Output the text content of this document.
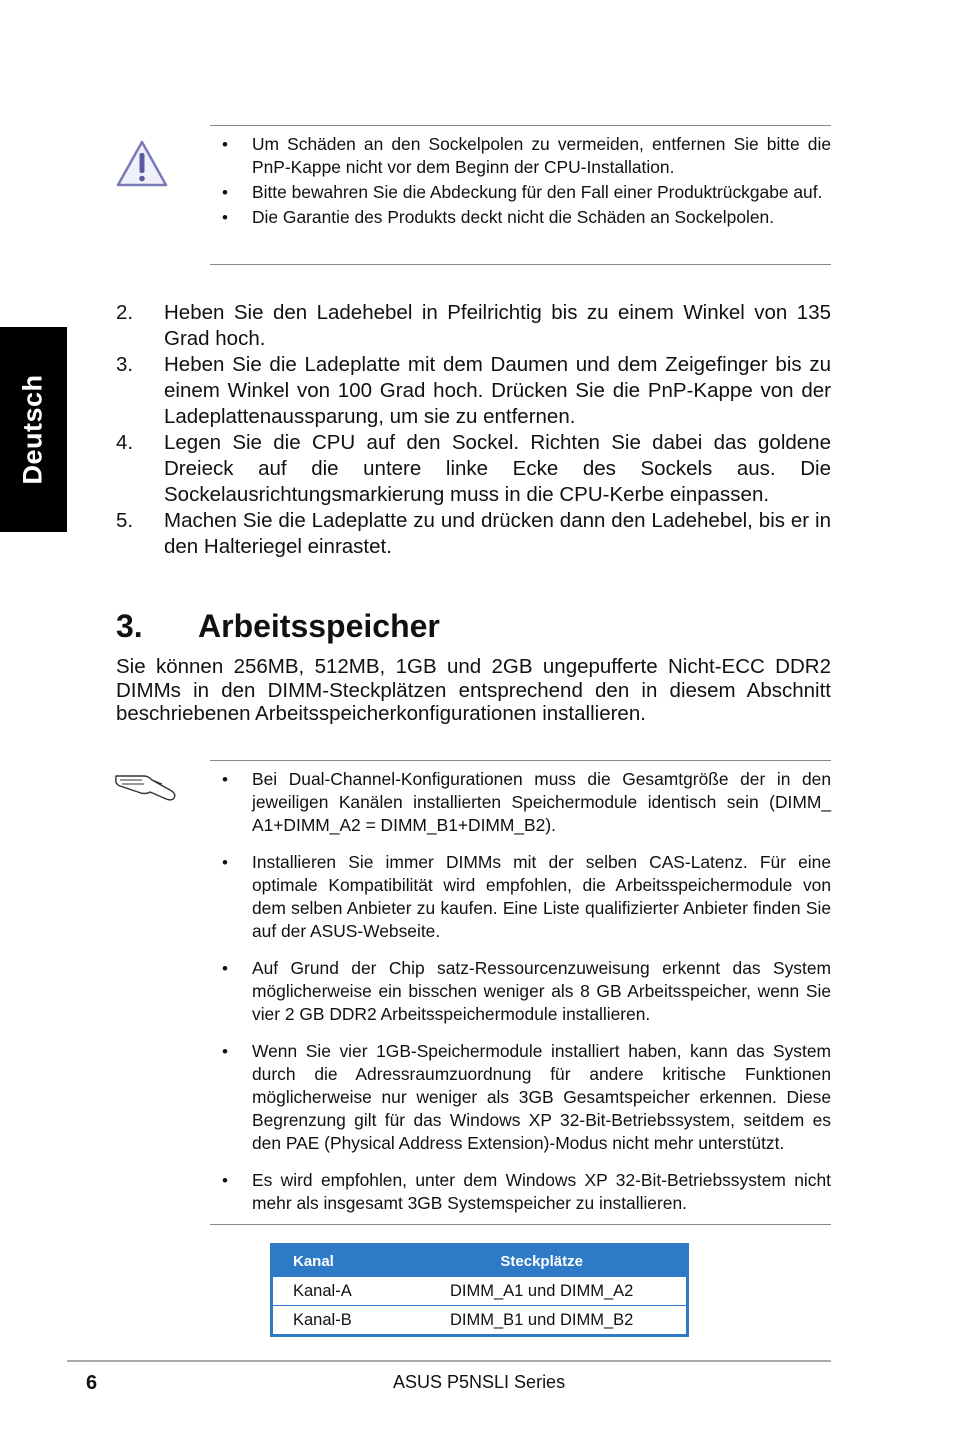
Deutsch
• Um Schäden an den Sockelpolen zu vermeiden, entfernen Sie bitte die PnP-Kappe nicht vor dem Beginn der CPU-Installation.
• Bitte bewahren Sie die Abdeckung für den Fall einer Produktrückgabe auf.
• Die Garantie des Produkts deckt nicht die Schäden an Sockelpolen.
2. Heben Sie den Ladehebel in Pfeilrichtig bis zu einem Winkel von 135 Grad hoch.
3. Heben Sie die Ladeplatte mit dem Daumen und dem Zeigefinger bis zu einem Winkel von 100 Grad hoch. Drücken Sie die PnP-Kappe von der Ladeplattenaussparung, um sie zu entfernen.
4. Legen Sie die CPU auf den Sockel. Richten Sie dabei das goldene Dreieck auf die untere linke Ecke des Sockels aus. Die Sockelausrichtungsmarkierung muss in die CPU-Kerbe einpassen.
5. Machen Sie die Ladeplatte zu und drücken dann den Ladehebel, bis er in den Halteriegel einrastet.
3. Arbeitsspeicher

Sie können 256MB, 512MB, 1GB und 2GB ungepufferte Nicht-ECC DDR2 DIMMs in den DIMM-Steckplätzen entsprechend den in diesem Abschnitt beschriebenen Arbeitsspeicherkonfigurationen installieren.

• Bei Dual-Channel-Konfigurationen muss die Gesamtgröße der in den jeweiligen Kanälen installierten Speichermodule identisch sein (DIMM_ A1+DIMM_A2 = DIMM_B1+DIMM_B2).
• Installieren Sie immer DIMMs mit der selben CAS-Latenz. Für eine optimale Kompatibilität wird empfohlen, die Arbeitsspeichermodule von dem selben Anbieter zu kaufen. Eine Liste qualifizierter Anbieter finden Sie auf der ASUS-Webseite.
• Auf Grund der Chip satz-Ressourcenzuweisung erkennt das System möglicherweise ein bisschen weniger als 8 GB Arbeitsspeicher, wenn Sie vier 2 GB DDR2 Arbeitsspeichermodule installieren.
• Wenn Sie vier 1GB-Speichermodule installiert haben, kann das System durch die Adressraumzuordnung für andere kritische Funktionen möglicherweise nur weniger als 3GB Gesamtspeicher erkennen. Diese Begrenzung gilt für das Windows XP 32-Bit-Betriebssystem, seitdem es den PAE (Physical Address Extension)-Modus nicht mehr unterstützt.
• Es wird empfohlen, unter dem Windows XP 32-Bit-Betriebssystem nicht mehr als insgesamt 3GB Systemspeicher zu installieren.
Kanal	Steckplätze
Kanal-A	DIMM_A1 und DIMM_A2
Kanal-B	DIMM_B1 und DIMM_B2
6	ASUS P5NSLI Series
